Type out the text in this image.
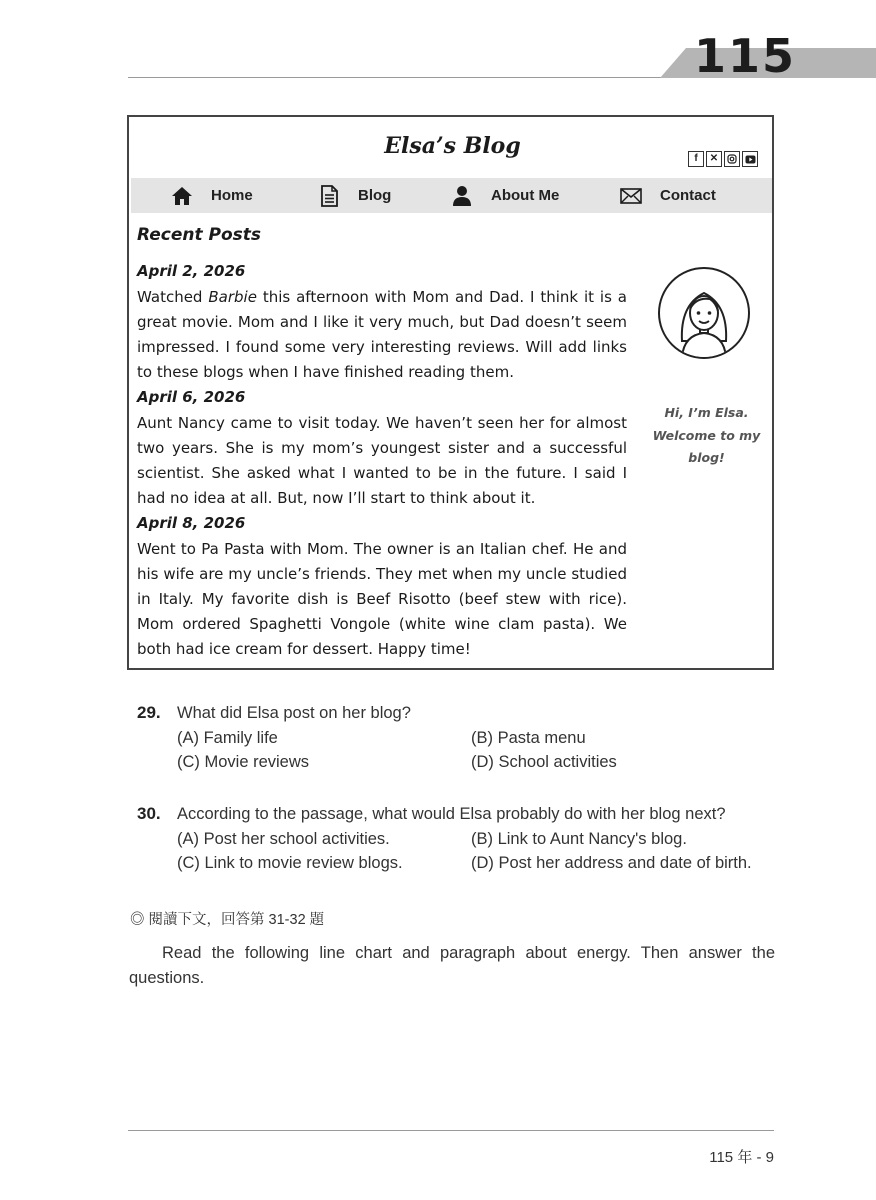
115
Elsa’s Blog	f	✕
Home	Blog	About Me	Contact
Recent Posts
April 2, 2026
Watched Barbie this afternoon with Mom and Dad. I think it is a great movie. Mom and I like it very much, but Dad doesn’t seem impressed. I found some very interesting reviews. Will add links to these blogs when I have finished reading them.
April 6, 2026
Aunt Nancy came to visit today. We haven’t seen her for almost two years. She is my mom’s youngest sister and a successful scientist. She asked what I wanted to be in the future. I said I had no idea at all. But, now I’ll start to think about it.
April 8, 2026
Went to Pa Pasta with Mom. The owner is an Italian chef. He and his wife are my uncle’s friends. They met when my uncle studied in Italy. My favorite dish is Beef Risotto (beef stew with rice). Mom ordered Spaghetti Vongole (white wine clam pasta). We both had ice cream for dessert. Happy time!
Hi, I’m Elsa.
Welcome to my
blog!
29. What did Elsa post on her blog?
(A) Family life	(B) Pasta menu
(C) Movie reviews	(D) School activities
30. According to the passage, what would Elsa probably do with her blog next?
(A) Post her school activities.	(B) Link to Aunt Nancy's blog.
(C) Link to movie review blogs.	(D) Post her address and date of birth.
◎ 閱讀下文，回答第 31-32 題
Read the following line chart and paragraph about energy. Then answer the questions.
115 年 - 9
